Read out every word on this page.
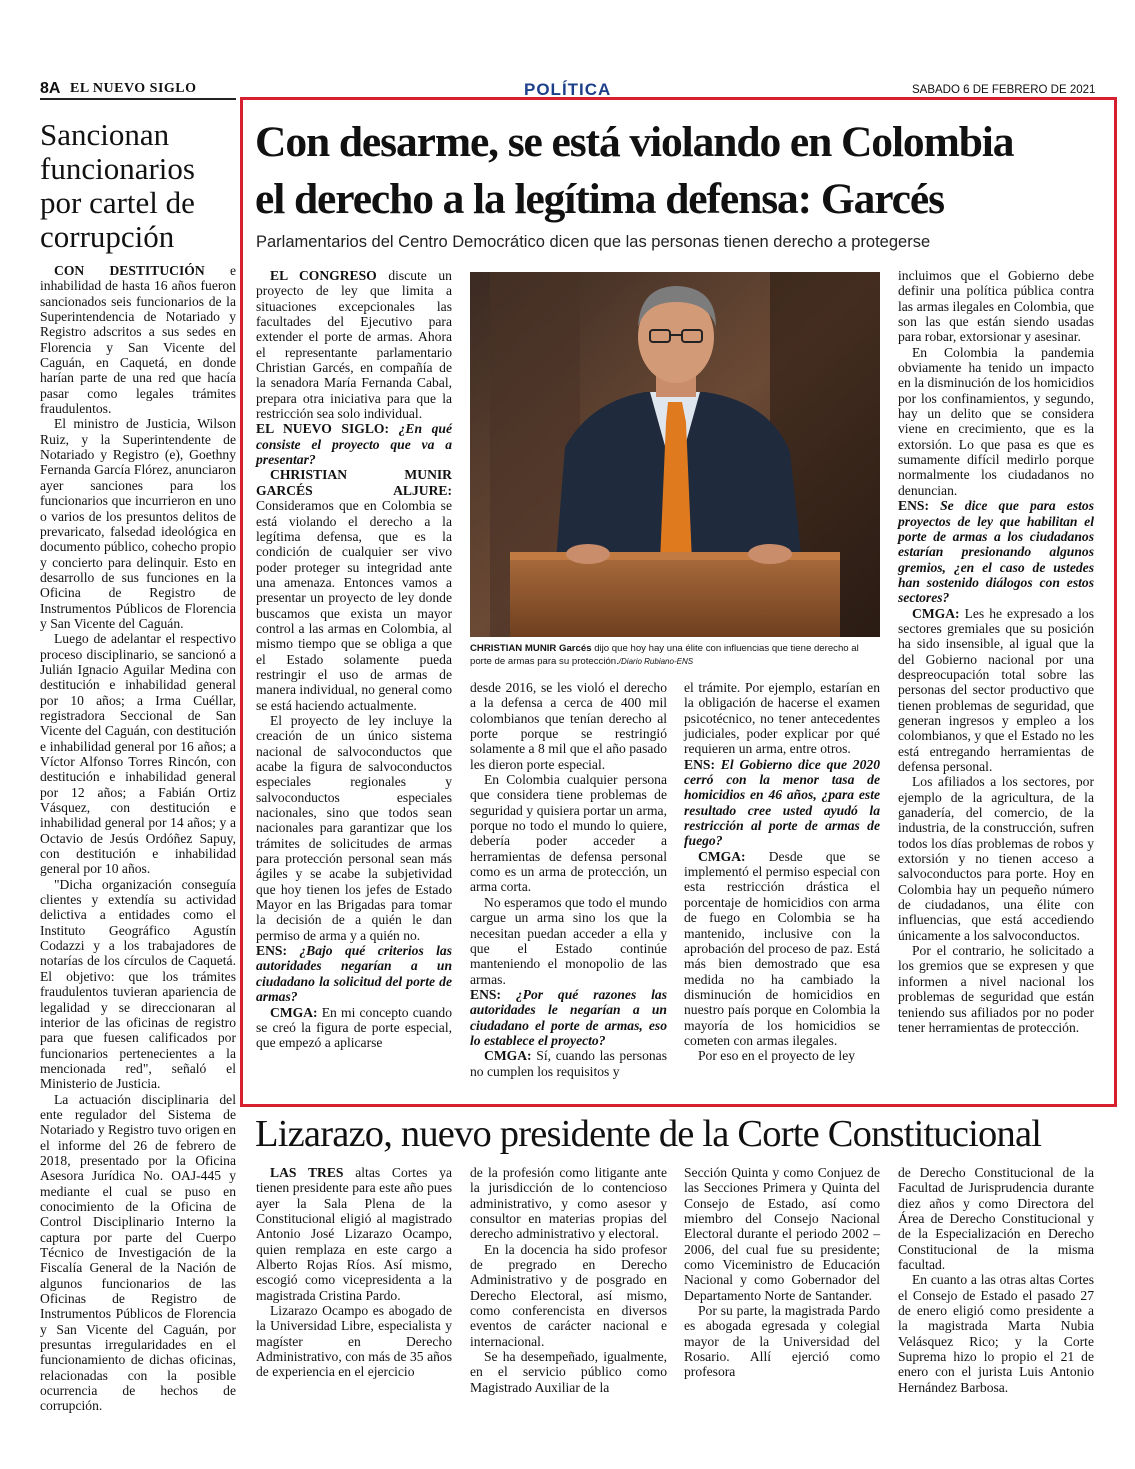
8A EL NUEVO SIGLO	POLÍTICA	SABADO 6 DE FEBRERO DE 2021
Sancionan funcionarios por cartel de corrupción

CON DESTITUCIÓN e inhabilidad de hasta 16 años fueron sancionados seis funcionarios de la Superintendencia de Notariado y Registro adscritos a sus sedes en Florencia y San Vicente del Caguán, en Caquetá, en donde harían parte de una red que hacía pasar como legales trámites fraudulentos.

El ministro de Justicia, Wilson Ruiz, y la Superintendente de Notariado y Registro (e), Goethny Fernanda García Flórez, anunciaron ayer sanciones para los funcionarios que incurrieron en uno o varios de los presuntos delitos de prevaricato, falsedad ideológica en documento público, cohecho propio y concierto para delinquir. Esto en desarrollo de sus funciones en la Oficina de Registro de Instrumentos Públicos de Florencia y San Vicente del Caguán.

Luego de adelantar el respectivo proceso disciplinario, se sancionó a Julián Ignacio Aguilar Medina con destitución e inhabilidad general por 10 años; a Irma Cuéllar, registradora Seccional de San Vicente del Caguán, con destitución e inhabilidad general por 16 años; a Víctor Alfonso Torres Rincón, con destitución e inhabilidad general por 12 años; a Fabián Ortiz Vásquez, con destitución e inhabilidad general por 14 años; y a Octavio de Jesús Ordóñez Sapuy, con destitución e inhabilidad general por 10 años.

"Dicha organización conseguía clientes y extendía su actividad delictiva a entidades como el Instituto Geográfico Agustín Codazzi y a los trabajadores de notarías de los círculos de Caquetá. El objetivo: que los trámites fraudulentos tuvieran apariencia de legalidad y se direccionaran al interior de las oficinas de registro para que fuesen calificados por funcionarios pertenecientes a la mencionada red", señaló el Ministerio de Justicia.

La actuación disciplinaria del ente regulador del Sistema de Notariado y Registro tuvo origen en el informe del 26 de febrero de 2018, presentado por la Oficina Asesora Jurídica No. OAJ-445 y mediante el cual se puso en conocimiento de la Oficina de Control Disciplinario Interno la captura por parte del Cuerpo Técnico de Investigación de la Fiscalía General de la Nación de algunos funcionarios de las Oficinas de Registro de Instrumentos Públicos de Florencia y San Vicente del Caguán, por presuntas irregularidades en el funcionamiento de dichas oficinas, relacionadas con la posible ocurrencia de hechos de corrupción.

Con desarme, se está violando en Colombia
el derecho a la legítima defensa: Garcés
Parlamentarios del Centro Democrático dicen que las personas tienen derecho a protegerse

EL CONGRESO discute un proyecto de ley que limita a situaciones excepcionales las facultades del Ejecutivo para extender el porte de armas. Ahora el representante parlamentario Christian Garcés, en compañía de la senadora María Fernanda Cabal, prepara otra iniciativa para que la restricción sea solo individual.

EL NUEVO SIGLO: ¿En qué consiste el proyecto que va a presentar?

CHRISTIAN MUNIR GARCÉS ALJURE: Consideramos que en Colombia se está violando el derecho a la legítima defensa, que es la condición de cualquier ser vivo poder proteger su integridad ante una amenaza. Entonces vamos a presentar un proyecto de ley donde buscamos que exista un mayor control a las armas en Colombia, al mismo tiempo que se obliga a que el Estado solamente pueda restringir el uso de armas de manera individual, no general como se está haciendo actualmente.

El proyecto de ley incluye la creación de un único sistema nacional de salvoconductos que acabe la figura de salvoconductos especiales regionales y salvoconductos especiales nacionales, sino que todos sean nacionales para garantizar que los trámites de solicitudes de armas para protección personal sean más ágiles y se acabe la subjetividad que hoy tienen los jefes de Estado Mayor en las Brigadas para tomar la decisión de a quién le dan permiso de arma y a quién no.

ENS: ¿Bajo qué criterios las autoridades negarían a un ciudadano la solicitud del porte de armas?

CMGA: En mi concepto cuando se creó la figura de porte especial, que empezó a aplicarse

CHRISTIAN MUNIR Garcés dijo que hoy hay una élite con influencias que tiene derecho al porte de armas para su protección./Diario Rubiano-ENS

desde 2016, se les violó el derecho a la defensa a cerca de 400 mil colombianos que tenían derecho al porte porque se restringió solamente a 8 mil que el año pasado les dieron porte especial.

En Colombia cualquier persona que considera tiene problemas de seguridad y quisiera portar un arma, porque no todo el mundo lo quiere, debería poder acceder a herramientas de defensa personal como es un arma de protección, un arma corta.

No esperamos que todo el mundo cargue un arma sino los que la necesitan puedan acceder a ella y que el Estado continúe manteniendo el monopolio de las armas.

ENS: ¿Por qué razones las autoridades le negarían a un ciudadano el porte de armas, eso lo establece el proyecto?

CMGA: Sí, cuando las personas no cumplen los requisitos y

el trámite. Por ejemplo, estarían en la obligación de hacerse el examen psicotécnico, no tener antecedentes judiciales, poder explicar por qué requieren un arma, entre otros.

ENS: El Gobierno dice que 2020 cerró con la menor tasa de homicidios en 46 años, ¿para este resultado cree usted ayudó la restricción al porte de armas de fuego?

CMGA: Desde que se implementó el permiso especial con esta restricción drástica el porcentaje de homicidios con arma de fuego en Colombia se ha mantenido, inclusive con la aprobación del proceso de paz. Está más bien demostrado que esa medida no ha cambiado la disminución de homicidios en nuestro país porque en Colombia la mayoría de los homicidios se cometen con armas ilegales.

Por eso en el proyecto de ley

incluimos que el Gobierno debe definir una política pública contra las armas ilegales en Colombia, que son las que están siendo usadas para robar, extorsionar y asesinar.

En Colombia la pandemia obviamente ha tenido un impacto en la disminución de los homicidios por los confinamientos, y segundo, hay un delito que se considera viene en crecimiento, que es la extorsión. Lo que pasa es que es sumamente difícil medirlo porque normalmente los ciudadanos no denuncian.

ENS: Se dice que para estos proyectos de ley que habilitan el porte de armas a los ciudadanos estarían presionando algunos gremios, ¿en el caso de ustedes han sostenido diálogos con estos sectores?

CMGA: Les he expresado a los sectores gremiales que su posición ha sido insensible, al igual que la del Gobierno nacional por una despreocupación total sobre las personas del sector productivo que tienen problemas de seguridad, que generan ingresos y empleo a los colombianos, y que el Estado no les está entregando herramientas de defensa personal.

Los afiliados a los sectores, por ejemplo de la agricultura, de la ganadería, del comercio, de la industria, de la construcción, sufren todos los días problemas de robos y extorsión y no tienen acceso a salvoconductos para porte. Hoy en Colombia hay un pequeño número de ciudadanos, una élite con influencias, que está accediendo únicamente a los salvoconductos.

Por el contrario, he solicitado a los gremios que se expresen y que informen a nivel nacional los problemas de seguridad que están teniendo sus afiliados por no poder tener herramientas de protección.

Lizarazo, nuevo presidente de la Corte Constitucional

LAS TRES altas Cortes ya tienen presidente para este año pues ayer la Sala Plena de la Constitucional eligió al magistrado Antonio José Lizarazo Ocampo, quien remplaza en este cargo a Alberto Rojas Ríos. Así mismo, escogió como vicepresidenta a la magistrada Cristina Pardo.

Lizarazo Ocampo es abogado de la Universidad Libre, especialista y magíster en Derecho Administrativo, con más de 35 años de experiencia en el ejercicio

de la profesión como litigante ante la jurisdicción de lo contencioso administrativo, y como asesor y consultor en materias propias del derecho administrativo y electoral.

En la docencia ha sido profesor de pregrado en Derecho Administrativo y de posgrado en Derecho Electoral, así mismo, como conferencista en diversos eventos de carácter nacional e internacional.

Se ha desempeñado, igualmente, en el servicio público como Magistrado Auxiliar de la

Sección Quinta y como Conjuez de las Secciones Primera y Quinta del Consejo de Estado, así como miembro del Consejo Nacional Electoral durante el periodo 2002 – 2006, del cual fue su presidente; como Viceministro de Educación Nacional y como Gobernador del Departamento Norte de Santander.

Por su parte, la magistrada Pardo es abogada egresada y colegial mayor de la Universidad del Rosario. Allí ejerció como profesora

de Derecho Constitucional de la Facultad de Jurisprudencia durante diez años y como Directora del Área de Derecho Constitucional y de la Especialización en Derecho Constitucional de la misma facultad.

En cuanto a las otras altas Cortes el Consejo de Estado el pasado 27 de enero eligió como presidente a la magistrada Marta Nubia Velásquez Rico; y la Corte Suprema hizo lo propio el 21 de enero con el jurista Luis Antonio Hernández Barbosa.
